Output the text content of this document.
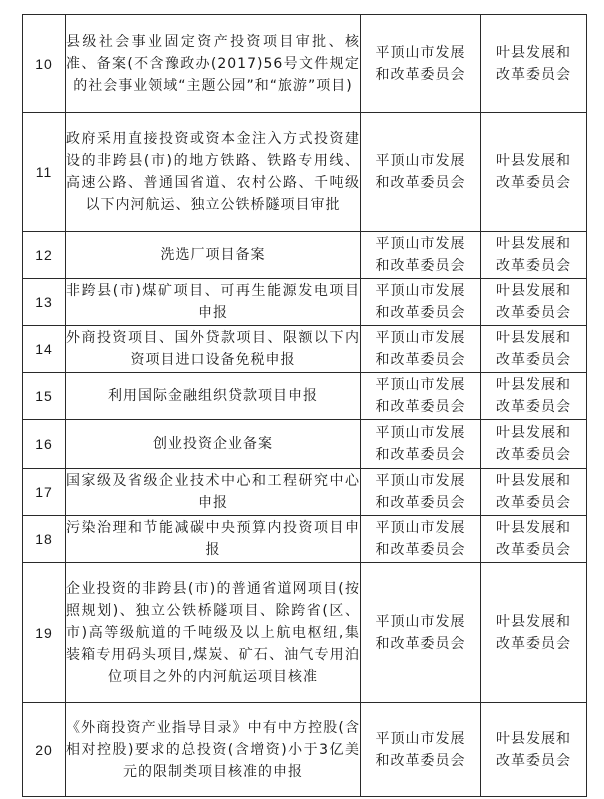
10	县级社会事业固定资产投资项目审批、核准、备案(不含豫政办(2017)56号文件规定的社会事业领域“主题公园”和“旅游”项目)	平顶山市发展
和改革委员会	叶县发展和
改革委员会

11	政府采用直接投资或资本金注入方式投资建设的非跨县(市)的地方铁路、铁路专用线、高速公路、普通国省道、农村公路、千吨级以下内河航运、独立公铁桥隧项目审批	平顶山市发展
和改革委员会	叶县发展和
改革委员会

12	洗选厂项目备案	平顶山市发展
和改革委员会	叶县发展和
改革委员会

13	非跨县(市)煤矿项目、可再生能源发电项目申报	平顶山市发展
和改革委员会	叶县发展和
改革委员会

14	外商投资项目、国外贷款项目、限额以下内资项目进口设备免税申报	平顶山市发展
和改革委员会	叶县发展和
改革委员会

15	利用国际金融组织贷款项目申报	平顶山市发展
和改革委员会	叶县发展和
改革委员会

16	创业投资企业备案	平顶山市发展
和改革委员会	叶县发展和
改革委员会

17	国家级及省级企业技术中心和工程研究中心申报	平顶山市发展
和改革委员会	叶县发展和
改革委员会

18	污染治理和节能减碳中央预算内投资项目申报	平顶山市发展
和改革委员会	叶县发展和
改革委员会

19	企业投资的非跨县(市)的普通省道网项目(按照规划)、独立公铁桥隧项目、除跨省(区、市)高等级航道的千吨级及以上航电枢纽,集装箱专用码头项目,煤炭、矿石、油气专用泊位项目之外的内河航运项目核准	平顶山市发展
和改革委员会	叶县发展和
改革委员会

20	《外商投资产业指导目录》中有中方控股(含相对控股)要求的总投资(含增资)小于3亿美元的限制类项目核准的申报	平顶山市发展
和改革委员会	叶县发展和
改革委员会
